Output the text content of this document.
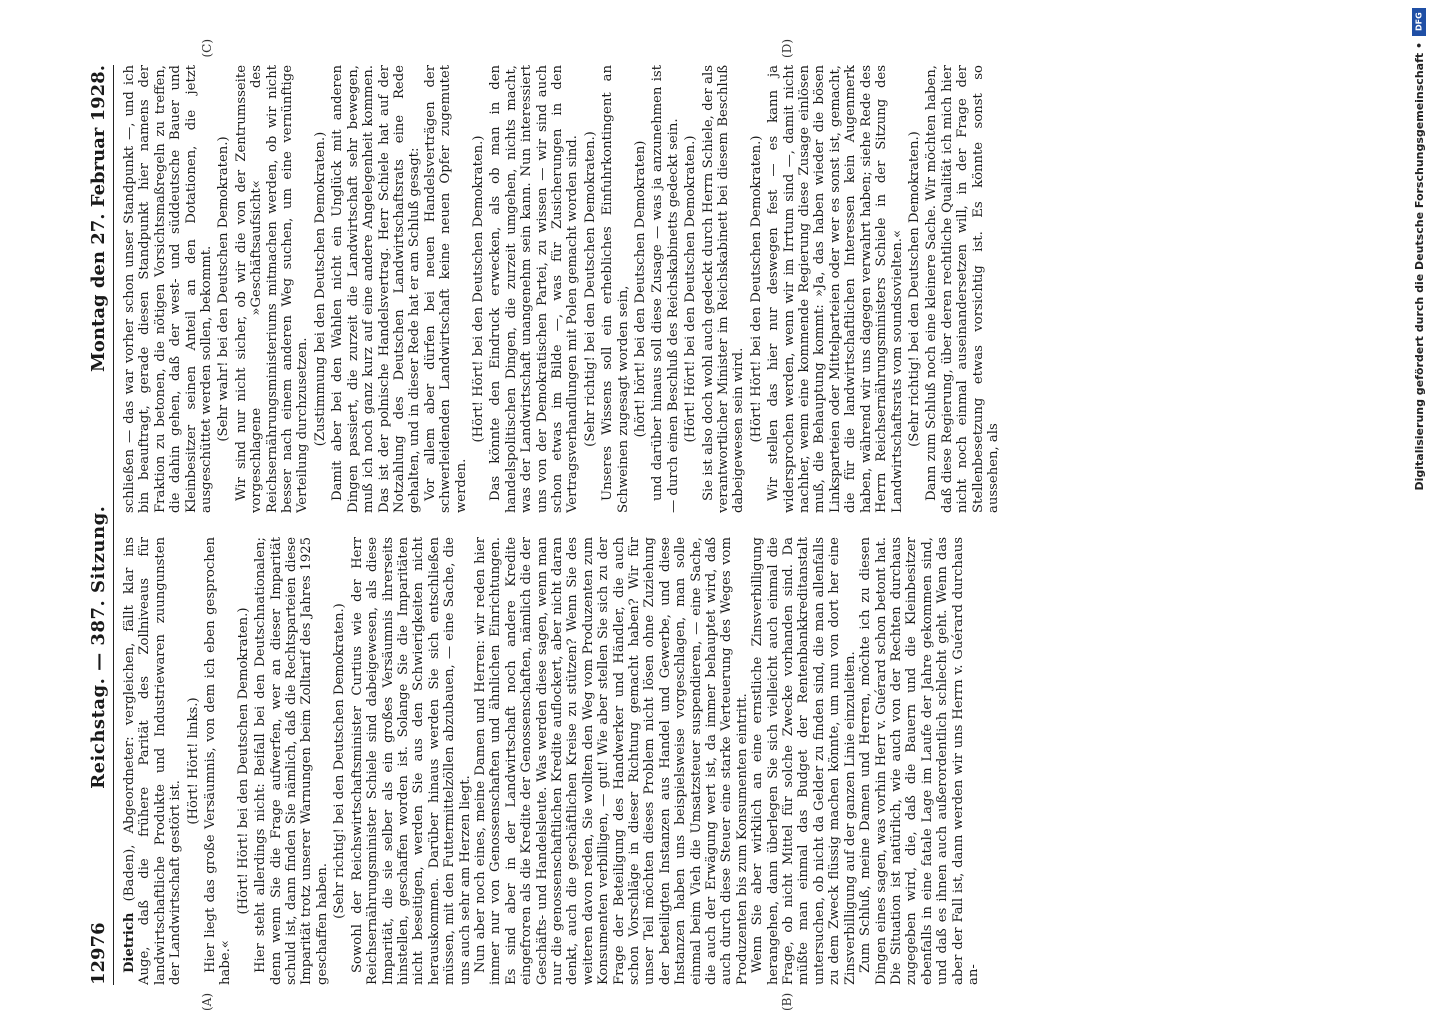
12976
Reichstag. — 387. Sitzung.
Montag den 27. Februar 1928.

Dietrich (Baden), Abgeordneter: vergleichen, fällt klar ins Auge, daß die frühere Parität des Zollniveaus für landwirtschaftliche Produkte und Industriewaren zuungunsten der Landwirtschaft gestört ist.

(Hört! Hört! links.) Hier liegt das große Versäumnis, von dem ich eben gesprochen habe.«

(Hört! Hört! bei den Deutschen Demokraten.) Hier steht allerdings nicht: Beifall bei den Deutschnationalen; denn wenn Sie die Frage aufwerfen, wer an dieser Imparität schuld ist, dann finden Sie nämlich, daß die Rechtsparteien diese Imparität trotz unserer Warnungen beim Zolltarif des Jahres 1925 geschaffen haben.

(Sehr richtig! bei den Deutschen Demokraten.) Sowohl der Reichswirtschaftsminister Curtius wie der Herr Reichsernährungsminister Schiele sind dabeigewesen, als diese Imparität, die sie selber als ein großes Versäumnis ihrerseits hinstellen, geschaffen worden ist. Solange Sie die Imparitäten nicht beseitigen, werden Sie aus den Schwierigkeiten nicht herauskommen. Darüber hinaus werden Sie sich entschließen müssen, mit den Futtermittelzöllen abzubauen, — eine Sache, die uns auch sehr am Herzen liegt. Nun aber noch eines, meine Damen und Herren: wir reden hier immer nur von Genossenschaften und ähnlichen Einrichtungen. Es sind aber in der Landwirtschaft noch andere Kredite eingefroren als die Kredite der Genossenschaften, nämlich die der Geschäfts- und Handelsleute. Was werden diese sagen, wenn man nur die genossenschaftlichen Kredite auflockert, aber nicht daran denkt, auch die geschäftlichen Kreise zu stützen? Wenn Sie des weiteren davon reden, Sie wollten den Weg vom Produzenten zum Konsumenten verbilligen, — gut! Wie aber stellen Sie sich zu der Frage der Beteiligung des Handwerker und Händler, die auch schon Vorschläge in dieser Richtung gemacht haben? Wir für unser Teil möchten dieses Problem nicht lösen ohne Zuziehung der beteiligten Instanzen aus Handel und Gewerbe, und diese Instanzen haben uns beispielsweise vorgeschlagen, man solle einmal beim Vieh die Umsatzsteuer suspendieren, — eine Sache, die auch der Erwägung wert ist, da immer behauptet wird, daß auch durch diese Steuer eine starke Verteuerung des Weges vom Produzenten bis zum Konsumenten eintritt. Wenn Sie aber wirklich an eine ernstliche Zinsverbilligung herangehen, dann überlegen Sie sich vielleicht auch einmal die Frage, ob nicht Mittel für solche Zwecke vorhanden sind. Da müßte man einmal das Budget der Rentenbankkreditanstalt untersuchen, ob nicht da Gelder zu finden sind, die man allenfalls zu dem Zweck flüssig machen könnte, um nun von dort her eine Zinsverbilligung auf der ganzen Linie einzuleiten. Zum Schluß, meine Damen und Herren, möchte ich zu diesen Dingen eines sagen, was vorhin Herr v. Guérard schon betont hat. Die Situation ist natürlich, wie auch von der Rechten durchaus zugegeben wird, die, daß die Bauern und die Kleinbesitzer ebenfalls in eine fatale Lage im Laufe der Jahre gekommen sind, und daß es ihnen auch außerordentlich schlecht geht. Wenn das aber der Fall ist, dann werden wir uns Herrn v. Guérard durchaus an-

schließen — das war vorher schon unser Standpunkt —, und ich bin beauftragt, gerade diesen Standpunkt hier namens der Fraktion zu betonen, die nötigen Vorsichtsmaßregeln zu treffen, die dahin gehen, daß der west- und süddeutsche Bauer und Kleinbesitzer seinen Anteil an den Dotationen, die jetzt ausgeschüttet werden sollen, bekommt. (Sehr wahr! bei den Deutschen Demokraten.) Wir sind nur nicht sicher, ob wir die von der Zentrumsseite vorgeschlagene »Geschäftsaufsicht« des Reichsernährungsministeriums mitmachen werden, ob wir nicht besser nach einem anderen Weg suchen, um eine vernünftige Verteilung durchzusetzen. (Zustimmung bei den Deutschen Demokraten.) Damit aber bei den Wahlen nicht ein Unglück mit anderen Dingen passiert, die zurzeit die Landwirtschaft sehr bewegen, muß ich noch ganz kurz auf eine andere Angelegenheit kommen. Das ist der polnische Handelsvertrag. Herr Schiele hat auf der Notzahlung des Deutschen Landwirtschaftsrats eine Rede gehalten, und in dieser Rede hat er am Schluß gesagt: Vor allem aber dürfen bei neuen Handelsverträgen der schwerleidenden Landwirtschaft keine neuen Opfer zugemutet werden.

(Hört! Hört! bei den Deutschen Demokraten.) Das könnte den Eindruck erwecken, als ob man in den handelspolitischen Dingen, die zurzeit umgehen, nichts macht, was der Landwirtschaft unangenehm sein kann. Nun interessiert uns von der Demokratischen Partei, zu wissen — wir sind auch schon etwas im Bilde —, was für Zusicherungen in den Vertragsverhandlungen mit Polen gemacht worden sind. (Sehr richtig! bei den Deutschen Demokraten.) Unseres Wissens soll ein erhebliches Einfuhrkontingent an Schweinen zugesagt worden sein, (hört! hört! bei den Deutschen Demokraten) und darüber hinaus soll diese Zusage — was ja anzunehmen ist — durch einen Beschluß des Reichskabinetts gedeckt sein. (Hört! Hört! bei den Deutschen Demokraten.) Sie ist also doch wohl auch gedeckt durch Herrn Schiele, der als verantwortlicher Minister im Reichskabinett bei diesem Beschluß dabeigewesen sein wird. (Hört! Hört! bei den Deutschen Demokraten.) Wir stellen das hier nur deswegen fest — es kann ja widersprochen werden, wenn wir im Irrtum sind —, damit nicht nachher, wenn eine kommende Regierung diese Zusage einlösen muß, die Behauptung kommt: »Ja, das haben wieder die bösen Linksparteien oder Mittelparteien oder wer es sonst ist, gemacht, die für die landwirtschaftlichen Interessen kein Augenmerk haben, während wir uns dagegen verwahrt haben; siehe Rede des Herrn Reichsernährungsministers Schiele in der Sitzung des Landwirtschaftsrats vom soundsovielten.« (Sehr richtig! bei den Deutschen Demokraten.) Dann zum Schluß noch eine kleinere Sache. Wir möchten haben, daß diese Regierung, über deren rechtliche Qualität ich mich hier nicht noch einmal auseinandersetzen will, in der Frage der Stellenbesetzung etwas vorsichtig ist. Es könnte sonst so aussehen, als

(A)	(B)
(C)	(D)
DFG
Digitalisierung gefördert durch die Deutsche Forschungsgemeinschaft •
